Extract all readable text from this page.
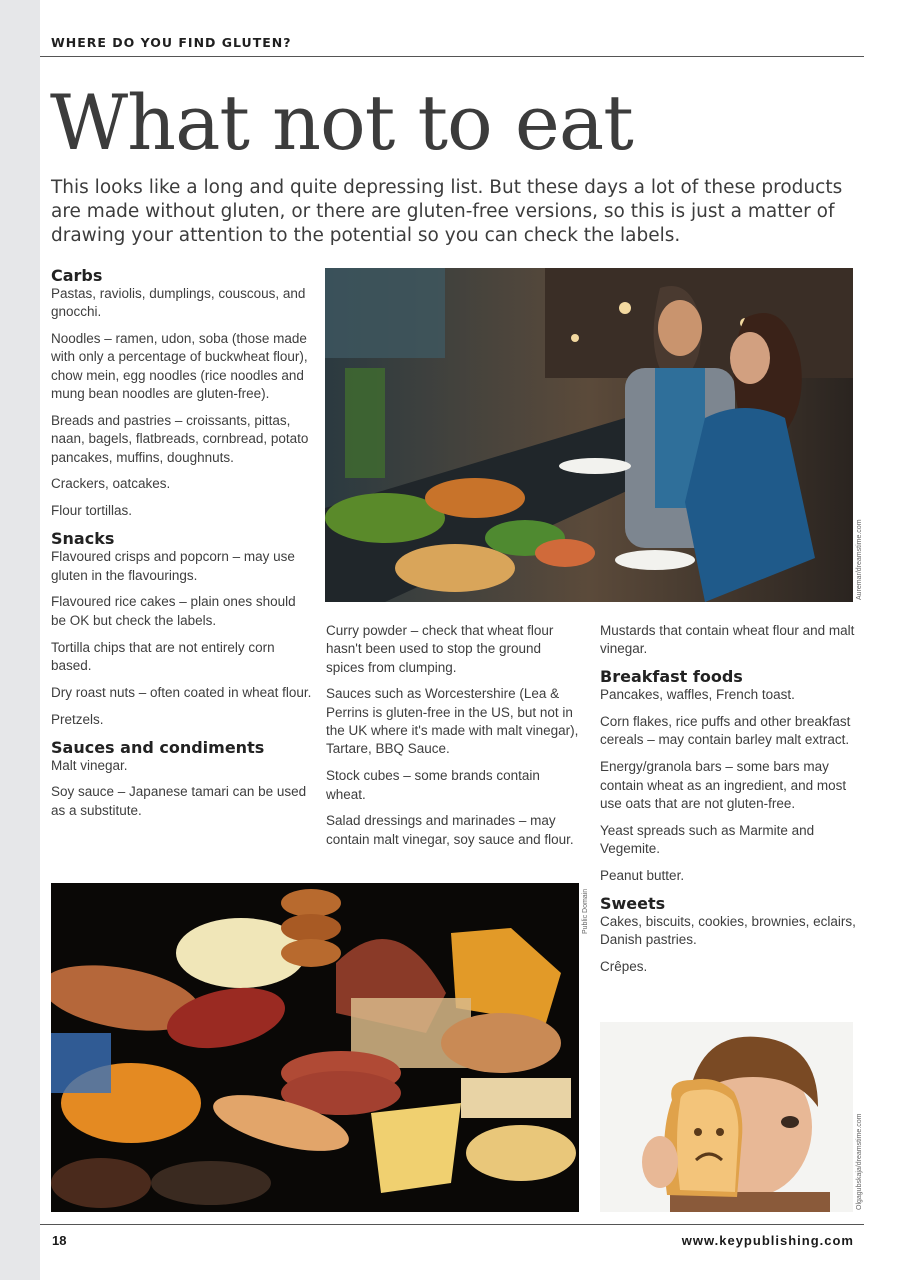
WHERE DO YOU FIND GLUTEN?
What not to eat
This looks like a long and quite depressing list. But these days a lot of these products are made without gluten, or there are gluten-free versions, so this is just a matter of drawing your attention to the potential so you can check the labels.
Carbs

Pastas, raviolis, dumplings, couscous, and gnocchi.

Noodles – ramen, udon, soba (those made with only a percentage of buckwheat flour), chow mein, egg noodles (rice noodles and mung bean noodles are gluten-free).

Breads and pastries – croissants, pittas, naan, bagels, flatbreads, cornbread, potato pancakes, muffins, doughnuts.

Crackers, oatcakes.

Flour tortillas.

Snacks

Flavoured crisps and popcorn – may use gluten in the flavourings.

Flavoured rice cakes – plain ones should be OK but check the labels.

Tortilla chips that are not entirely corn based.

Dry roast nuts – often coated in wheat flour.

Pretzels.

Sauces and condiments

Malt vinegar.

Soy sauce – Japanese tamari can be used as a substitute.

Auremar/dreamstime.com

Curry powder – check that wheat flour hasn't been used to stop the ground spices from clumping.

Sauces such as Worcestershire (Lea & Perrins is gluten-free in the US, but not in the UK where it's made with malt vinegar), Tartare, BBQ Sauce.

Stock cubes – some brands contain wheat.

Salad dressings and marinades – may contain malt vinegar, soy sauce and flour.

Mustards that contain wheat flour and malt vinegar.

Breakfast foods

Pancakes, waffles, French toast.

Corn flakes, rice puffs and other breakfast cereals – may contain barley malt extract.

Energy/granola bars – some bars may contain wheat as an ingredient, and most use oats that are not gluten-free.

Yeast spreads such as Marmite and Vegemite.

Peanut butter.

Sweets

Cakes, biscuits, cookies, brownies, eclairs, Danish pastries.

Crêpes.

Public Domain
Olgagubskaja/dreamstime.com
18	www.keypublishing.com
